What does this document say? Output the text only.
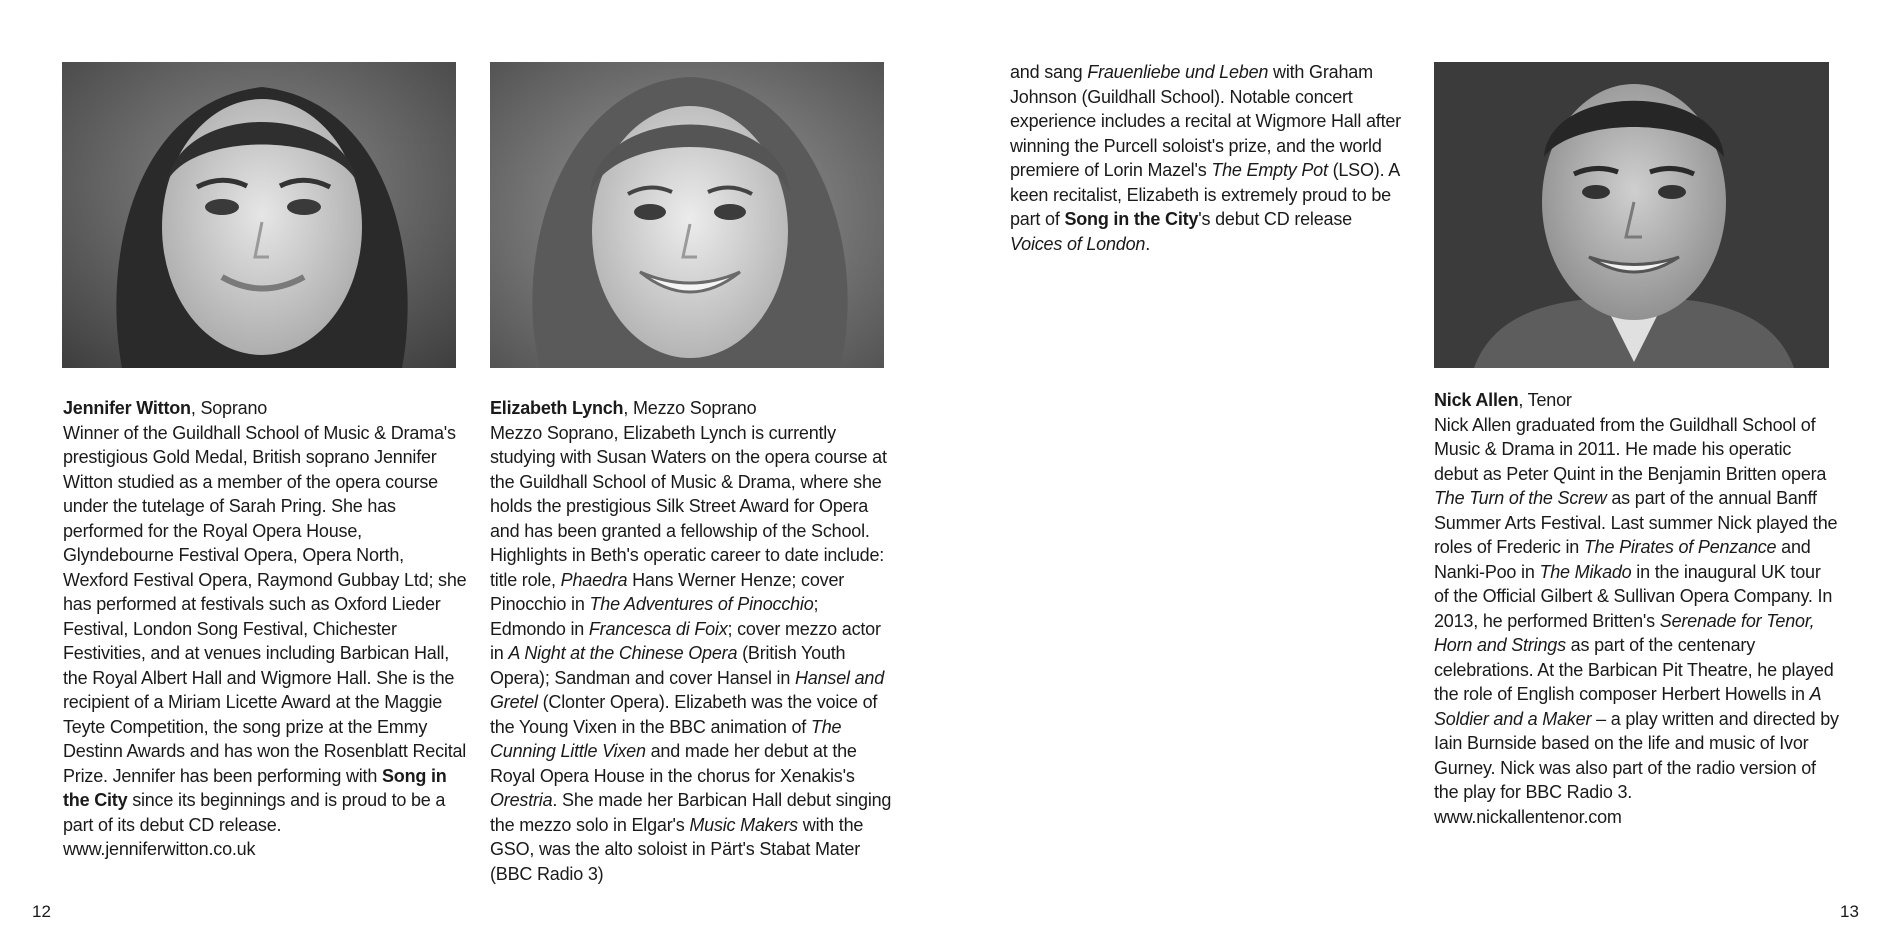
Jennifer Witton, Soprano

Winner of the Guildhall School of Music & Drama's prestigious Gold Medal, British soprano Jennifer Witton studied as a member of the opera course under the tutelage of Sarah Pring. She has performed for the Royal Opera House, Glyndebourne Festival Opera, Opera North, Wexford Festival Opera, Raymond Gubbay Ltd; she has performed at festivals such as Oxford Lieder Festival, London Song Festival, Chichester Festivities, and at venues including Barbican Hall, the Royal Albert Hall and Wigmore Hall. She is the recipient of a Miriam Licette Award at the Maggie Teyte Competition, the song prize at the Emmy Destinn Awards and has won the Rosenblatt Recital Prize. Jennifer has been performing with Song in the City since its beginnings and is proud to be a part of its debut CD release.

www.jenniferwitton.co.uk

Elizabeth Lynch, Mezzo Soprano

Mezzo Soprano, Elizabeth Lynch is currently studying with Susan Waters on the opera course at the Guildhall School of Music & Drama, where she holds the prestigious Silk Street Award for Opera and has been granted a fellowship of the School. Highlights in Beth's operatic career to date include: title role, Phaedra Hans Werner Henze; cover Pinocchio in The Adventures of Pinocchio; Edmondo in Francesca di Foix; cover mezzo actor in A Night at the Chinese Opera (British Youth Opera); Sandman and cover Hansel in Hansel and Gretel (Clonter Opera). Elizabeth was the voice of the Young Vixen in the BBC animation of The Cunning Little Vixen and made her debut at the Royal Opera House in the chorus for Xenakis's Orestria. She made her Barbican Hall debut singing the mezzo solo in Elgar's Music Makers with the GSO, was the alto soloist in Pärt's Stabat Mater (BBC Radio 3)

and sang Frauenliebe und Leben with Graham Johnson (Guildhall School). Notable concert experience includes a recital at Wigmore Hall after winning the Purcell soloist's prize, and the world premiere of Lorin Mazel's The Empty Pot (LSO). A keen recitalist, Elizabeth is extremely proud to be part of Song in the City's debut CD release Voices of London.

Nick Allen, Tenor

Nick Allen graduated from the Guildhall School of Music & Drama in 2011. He made his operatic debut as Peter Quint in the Benjamin Britten opera The Turn of the Screw as part of the annual Banff Summer Arts Festival. Last summer Nick played the roles of Frederic in The Pirates of Penzance and Nanki-Poo in The Mikado in the inaugural UK tour of the Official Gilbert & Sullivan Opera Company. In 2013, he performed Britten's Serenade for Tenor, Horn and Strings as part of the centenary celebrations. At the Barbican Pit Theatre, he played the role of English composer Herbert Howells in A Soldier and a Maker – a play written and directed by Iain Burnside based on the life and music of Ivor Gurney. Nick was also part of the radio version of the play for BBC Radio 3.

www.nickallentenor.com

12	13
